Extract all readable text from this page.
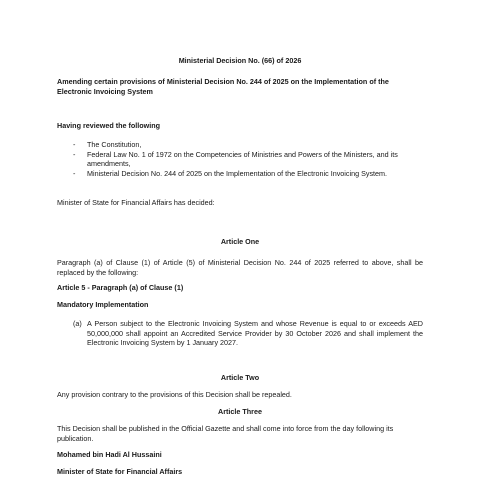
Ministerial Decision No. (66) of 2026

Amending certain provisions of Ministerial Decision No. 244 of 2025 on the Implementation of the Electronic Invoicing System

Having reviewed the following

- The Constitution,
- Federal Law No. 1 of 1972 on the Competencies of Ministries and Powers of the Ministers, and its amendments,
- Ministerial Decision No. 244 of 2025 on the Implementation of the Electronic Invoicing System.

Minister of State for Financial Affairs has decided:

Article One

Paragraph (a) of Clause (1) of Article (5) of Ministerial Decision No. 244 of 2025 referred to above, shall be replaced by the following:

Article 5 - Paragraph (a) of Clause (1)

Mandatory Implementation

(a) A Person subject to the Electronic Invoicing System and whose Revenue is equal to or exceeds AED 50,000,000 shall appoint an Accredited Service Provider by 30 October 2026 and shall implement the Electronic Invoicing System by 1 January 2027.

Article Two

Any provision contrary to the provisions of this Decision shall be repealed.

Article Three

This Decision shall be published in the Official Gazette and shall come into force from the day following its publication.

Mohamed bin Hadi Al Hussaini

Minister of State for Financial Affairs
